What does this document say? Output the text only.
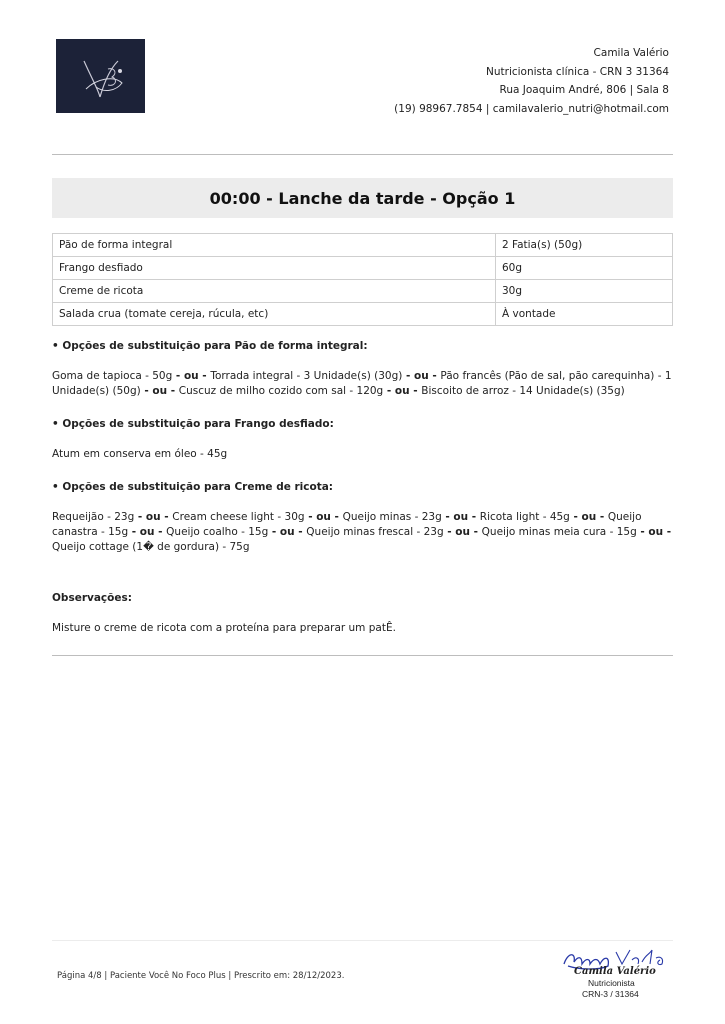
Camila Valério
Nutricionista clínica - CRN 3 31364
Rua Joaquim André, 806 | Sala 8
(19) 98967.7854 | camilavalerio_nutri@hotmail.com
00:00 - Lanche da tarde - Opção 1
Pão de forma integral	2 Fatia(s) (50g)
Frango desfiado	60g
Creme de ricota	30g
Salada crua (tomate cereja, rúcula, etc)	À vontade

• Opções de substituição para Pão de forma integral:

Goma de tapioca - 50g - ou - Torrada integral - 3 Unidade(s) (30g) - ou - Pão francês (Pão de sal, pão carequinha) - 1 Unidade(s) (50g) - ou - Cuscuz de milho cozido com sal - 120g - ou - Biscoito de arroz - 14 Unidade(s) (35g)

• Opções de substituição para Frango desfiado:

Atum em conserva em óleo - 45g

• Opções de substituição para Creme de ricota:

Requeijão - 23g - ou - Cream cheese light - 30g - ou - Queijo minas - 23g - ou - Ricota light - 45g - ou - Queijo canastra - 15g - ou - Queijo coalho - 15g - ou - Queijo minas frescal - 23g - ou - Queijo minas meia cura - 15g - ou - Queijo cottage (1� de gordura) - 75g

Observações:

Misture o creme de ricota com a proteína para preparar um patÊ.

Página 4/8 | Paciente Você No Foco Plus | Prescrito em: 28/12/2023.	Camila Valério
Nutricionista
CRN-3 / 31364
